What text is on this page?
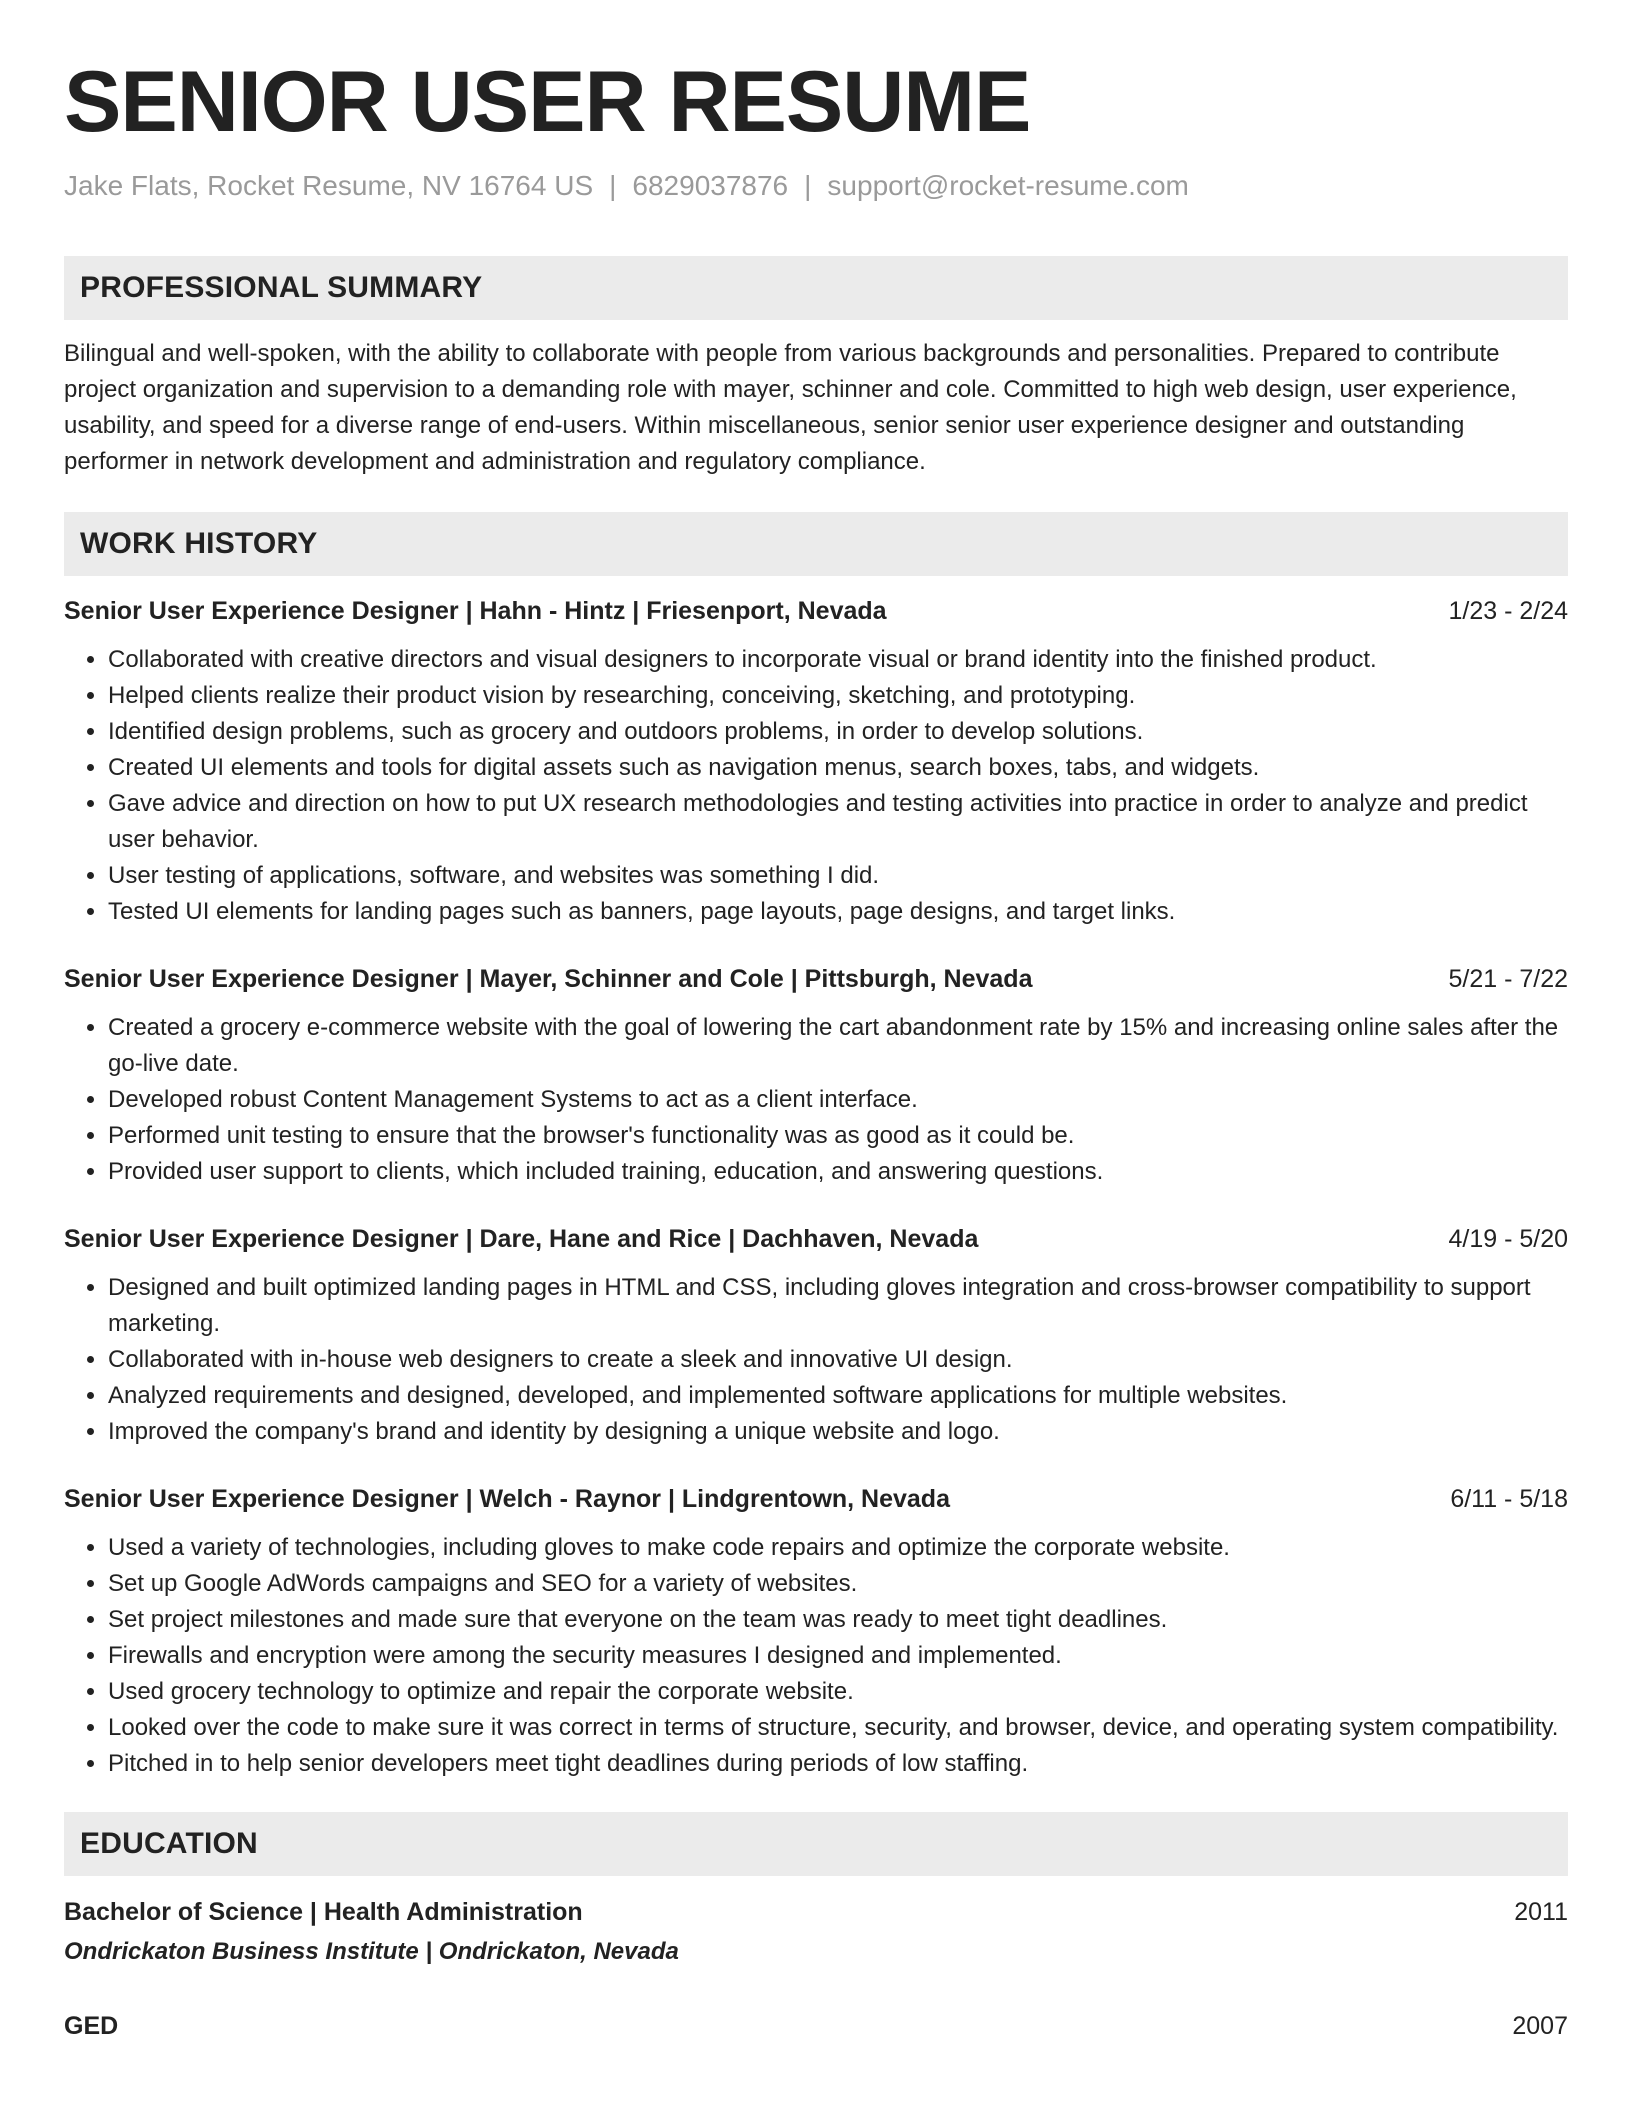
SENIOR USER RESUME
Jake Flats, Rocket Resume, NV 16764 US | 6829037876 | support@rocket-resume.com
PROFESSIONAL SUMMARY
Bilingual and well-spoken, with the ability to collaborate with people from various backgrounds and personalities. Prepared to contribute project organization and supervision to a demanding role with mayer, schinner and cole. Committed to high web design, user experience, usability, and speed for a diverse range of end-users. Within miscellaneous, senior senior user experience designer and outstanding performer in network development and administration and regulatory compliance.
WORK HISTORY
Senior User Experience Designer | Hahn - Hintz | Friesenport, Nevada	1/23 - 2/24
• Collaborated with creative directors and visual designers to incorporate visual or brand identity into the finished product.
• Helped clients realize their product vision by researching, conceiving, sketching, and prototyping.
• Identified design problems, such as grocery and outdoors problems, in order to develop solutions.
• Created UI elements and tools for digital assets such as navigation menus, search boxes, tabs, and widgets.
• Gave advice and direction on how to put UX research methodologies and testing activities into practice in order to analyze and predict user behavior.
• User testing of applications, software, and websites was something I did.
• Tested UI elements for landing pages such as banners, page layouts, page designs, and target links.
Senior User Experience Designer | Mayer, Schinner and Cole | Pittsburgh, Nevada	5/21 - 7/22
• Created a grocery e-commerce website with the goal of lowering the cart abandonment rate by 15% and increasing online sales after the go-live date.
• Developed robust Content Management Systems to act as a client interface.
• Performed unit testing to ensure that the browser's functionality was as good as it could be.
• Provided user support to clients, which included training, education, and answering questions.
Senior User Experience Designer | Dare, Hane and Rice | Dachhaven, Nevada	4/19 - 5/20
• Designed and built optimized landing pages in HTML and CSS, including gloves integration and cross-browser compatibility to support marketing.
• Collaborated with in-house web designers to create a sleek and innovative UI design.
• Analyzed requirements and designed, developed, and implemented software applications for multiple websites.
• Improved the company's brand and identity by designing a unique website and logo.
Senior User Experience Designer | Welch - Raynor | Lindgrentown, Nevada	6/11 - 5/18
• Used a variety of technologies, including gloves to make code repairs and optimize the corporate website.
• Set up Google AdWords campaigns and SEO for a variety of websites.
• Set project milestones and made sure that everyone on the team was ready to meet tight deadlines.
• Firewalls and encryption were among the security measures I designed and implemented.
• Used grocery technology to optimize and repair the corporate website.
• Looked over the code to make sure it was correct in terms of structure, security, and browser, device, and operating system compatibility.
• Pitched in to help senior developers meet tight deadlines during periods of low staffing.
EDUCATION
Bachelor of Science | Health Administration	2011
Ondrickaton Business Institute | Ondrickaton, Nevada
GED	2007
